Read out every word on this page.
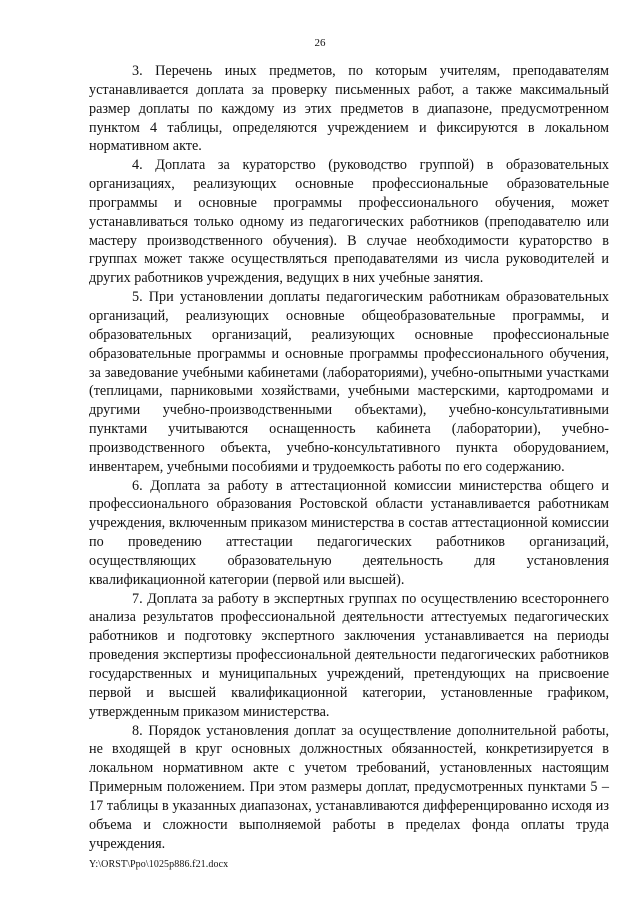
26

3. Перечень иных предметов, по которым учителям, преподавателям устанавливается доплата за проверку письменных работ, а также максимальный размер доплаты по каждому из этих предметов в диапазоне, предусмотренном пунктом 4 таблицы, определяются учреждением и фиксируются в локальном нормативном акте.

4. Доплата за кураторство (руководство группой) в образовательных организациях, реализующих основные профессиональные образовательные программы и основные программы профессионального обучения, может устанавливаться только одному из педагогических работников (преподавателю или мастеру производственного обучения). В случае необходимости кураторство в группах может также осуществляться преподавателями из числа руководителей и других работников учреждения, ведущих в них учебные занятия.

5. При установлении доплаты педагогическим работникам образовательных организаций, реализующих основные общеобразовательные программы, и образовательных организаций, реализующих основные профессиональные образовательные программы и основные программы профессионального обучения, за заведование учебными кабинетами (лабораториями), учебно-опытными участками (теплицами, парниковыми хозяйствами, учебными мастерскими, картодромами и другими учебно-производственными объектами), учебно-консультативными пунктами учитываются оснащенность кабинета (лаборатории), учебно-производственного объекта, учебно-консультативного пункта оборудованием, инвентарем, учебными пособиями и трудоемкость работы по его содержанию.

6. Доплата за работу в аттестационной комиссии министерства общего и профессионального образования Ростовской области устанавливается работникам учреждения, включенным приказом министерства в состав аттестационной комиссии по проведению аттестации педагогических работников организаций, осуществляющих образовательную деятельность для установления квалификационной категории (первой или высшей).

7. Доплата за работу в экспертных группах по осуществлению всестороннего анализа результатов профессиональной деятельности аттестуемых педагогических работников и подготовку экспертного заключения устанавливается на периоды проведения экспертизы профессиональной деятельности педагогических работников государственных и муниципальных учреждений, претендующих на присвоение первой и высшей квалификационной категории, установленные графиком, утвержденным приказом министерства.

8. Порядок установления доплат за осуществление дополнительной работы, не входящей в круг основных должностных обязанностей, конкретизируется в локальном нормативном акте с учетом требований, установленных настоящим Примерным положением. При этом размеры доплат, предусмотренных пунктами 5 – 17 таблицы в указанных диапазонах, устанавливаются дифференцированно исходя из объема и сложности выполняемой работы в пределах фонда оплаты труда учреждения.

Y:\ORST\Ppo\1025p886.f21.docx
